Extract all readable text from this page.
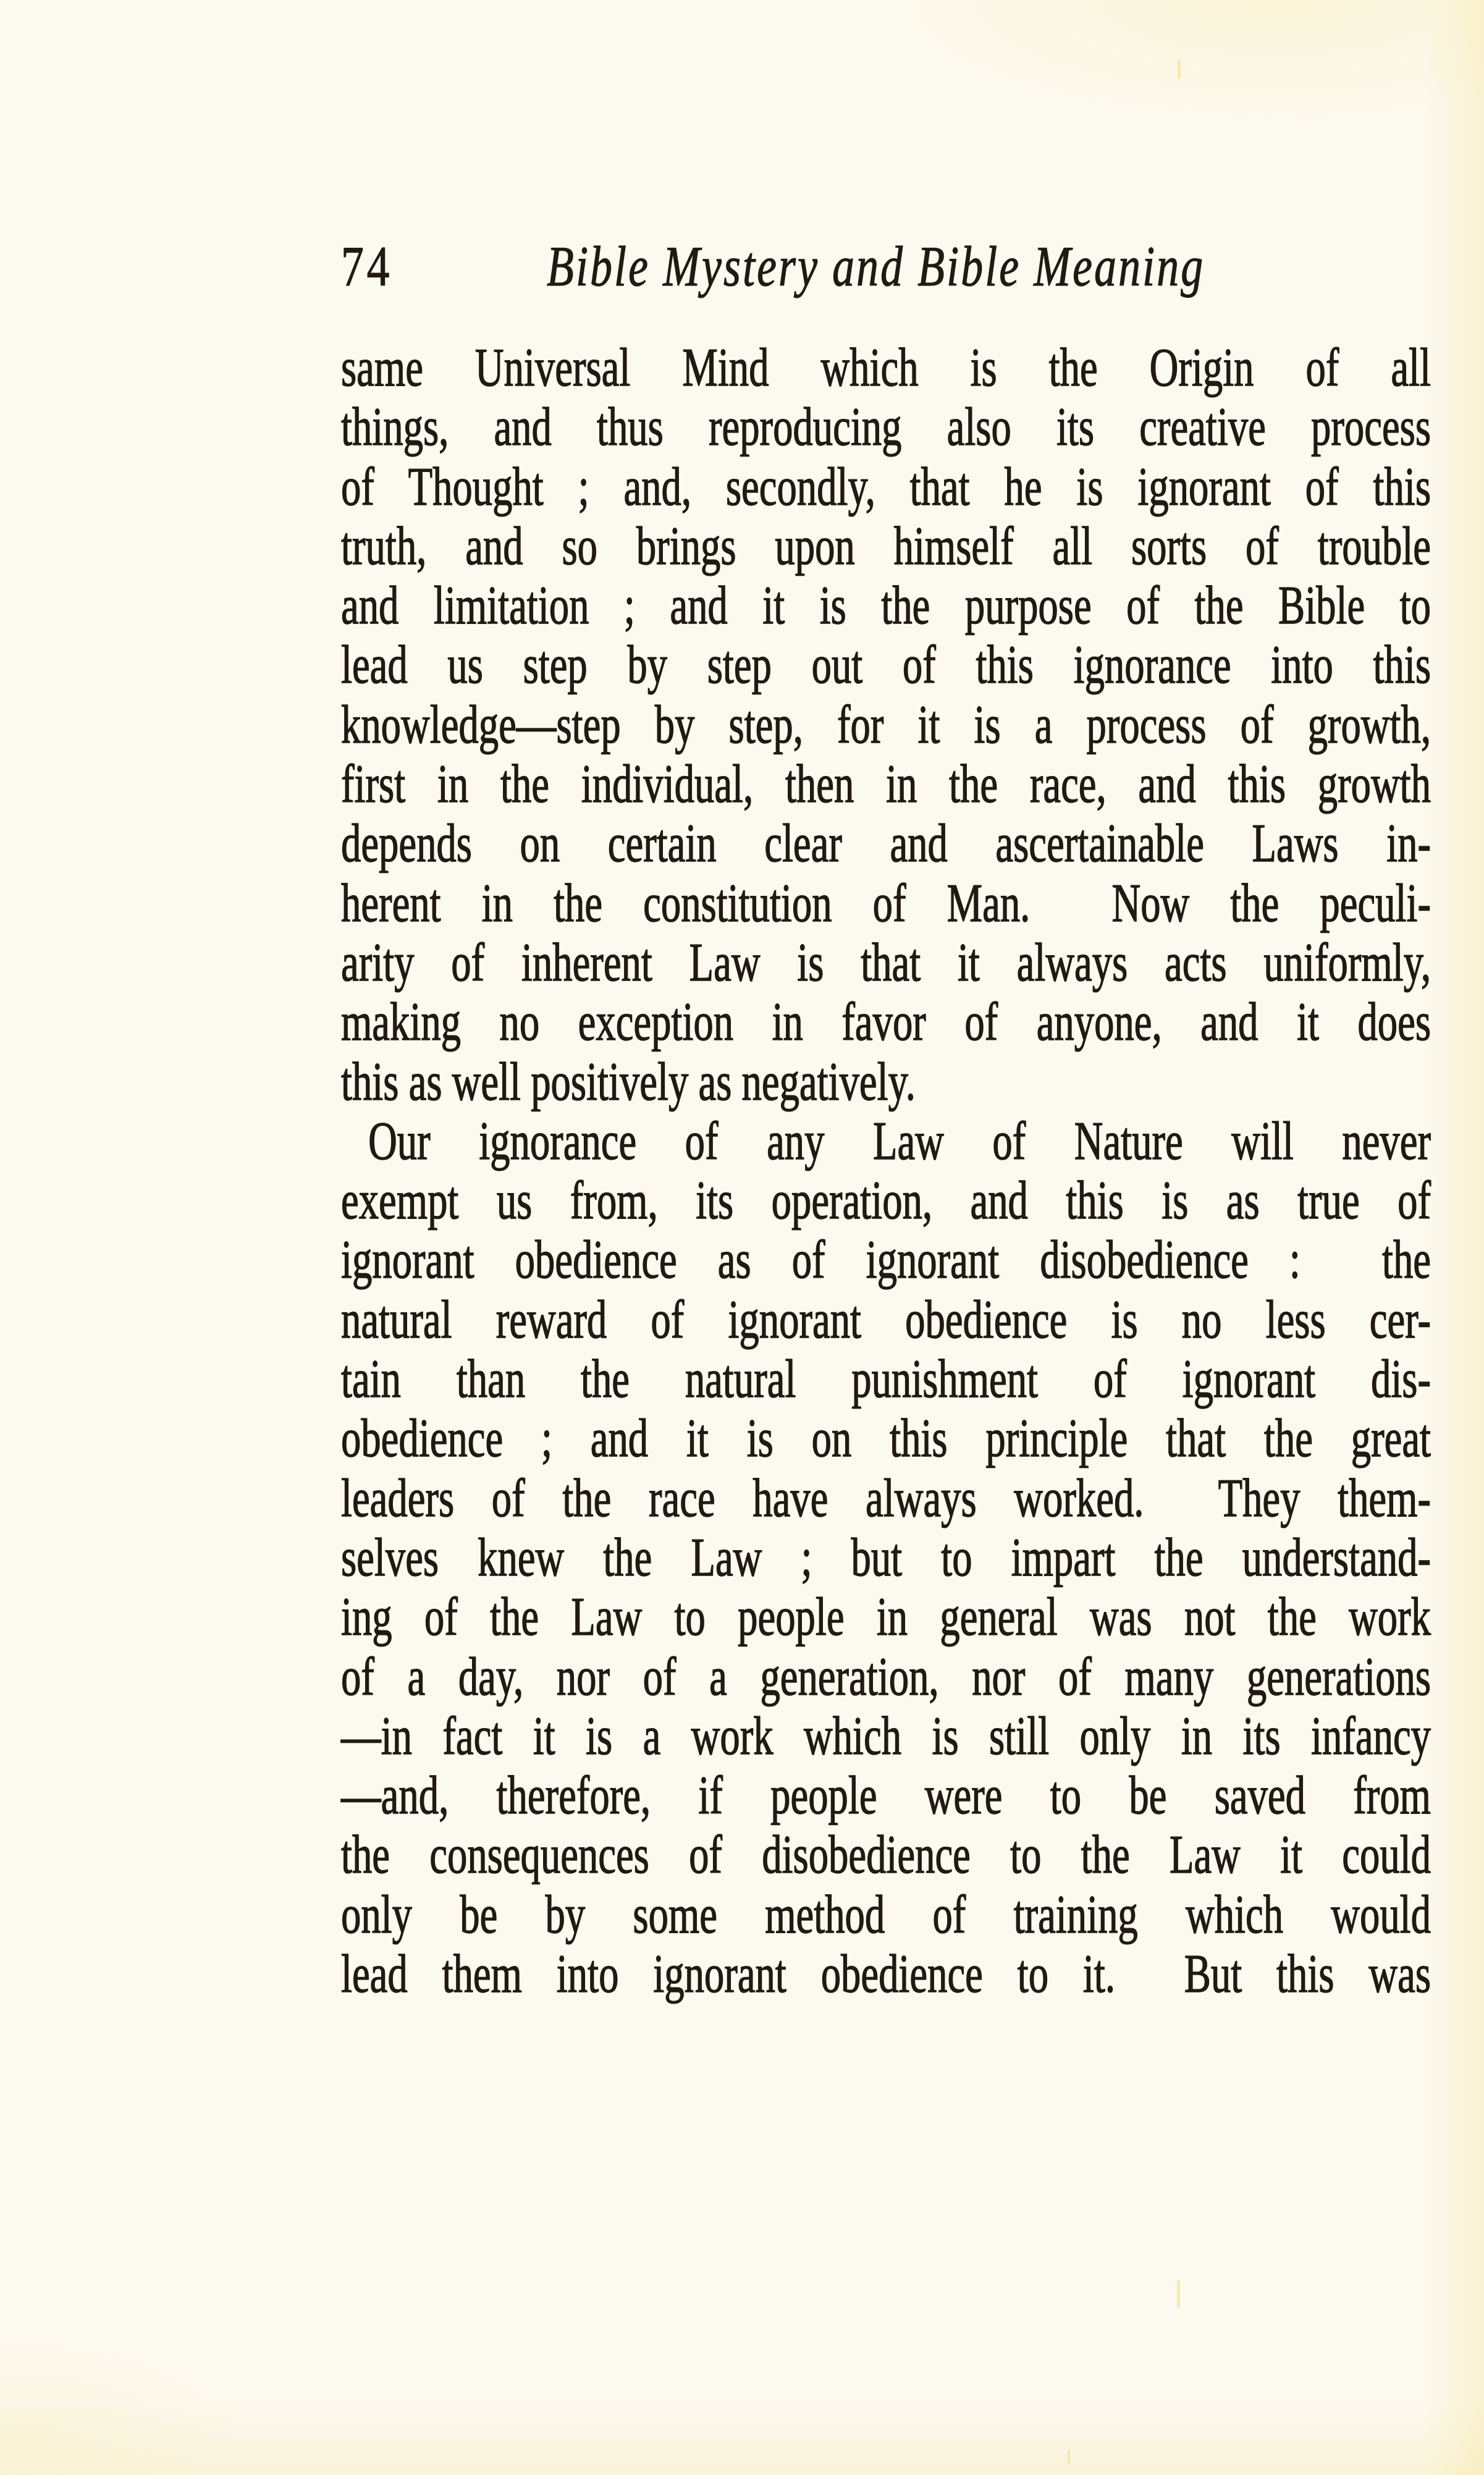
74	Bible Mystery and Bible Meaning
same Universal Mind which is the Origin of all
things, and thus reproducing also its creative process
of Thought ; and, secondly, that he is ignorant of this
truth, and so brings upon himself all sorts of trouble
and limitation ; and it is the purpose of the Bible to
lead us step by step out of this ignorance into this
knowledge—step by step, for it is a process of growth,
first in the individual, then in the race, and this growth
depends on certain clear and ascertainable Laws in-
herent in the constitution of Man.  Now the peculi-
arity of inherent Law is that it always acts uniformly,
making no exception in favor of anyone, and it does
this as well positively as negatively.
Our ignorance of any Law of Nature will never
exempt us from, its operation, and this is as true of
ignorant obedience as of ignorant disobedience :  the
natural reward of ignorant obedience is no less cer-
tain than the natural punishment of ignorant dis-
obedience ; and it is on this principle that the great
leaders of the race have always worked.  They them-
selves knew the Law ; but to impart the understand-
ing of the Law to people in general was not the work
of a day, nor of a generation, nor of many generations
—in fact it is a work which is still only in its infancy
—and, therefore, if people were to be saved from
the consequences of disobedience to the Law it could
only be by some method of training which would
lead them into ignorant obedience to it.  But this was
